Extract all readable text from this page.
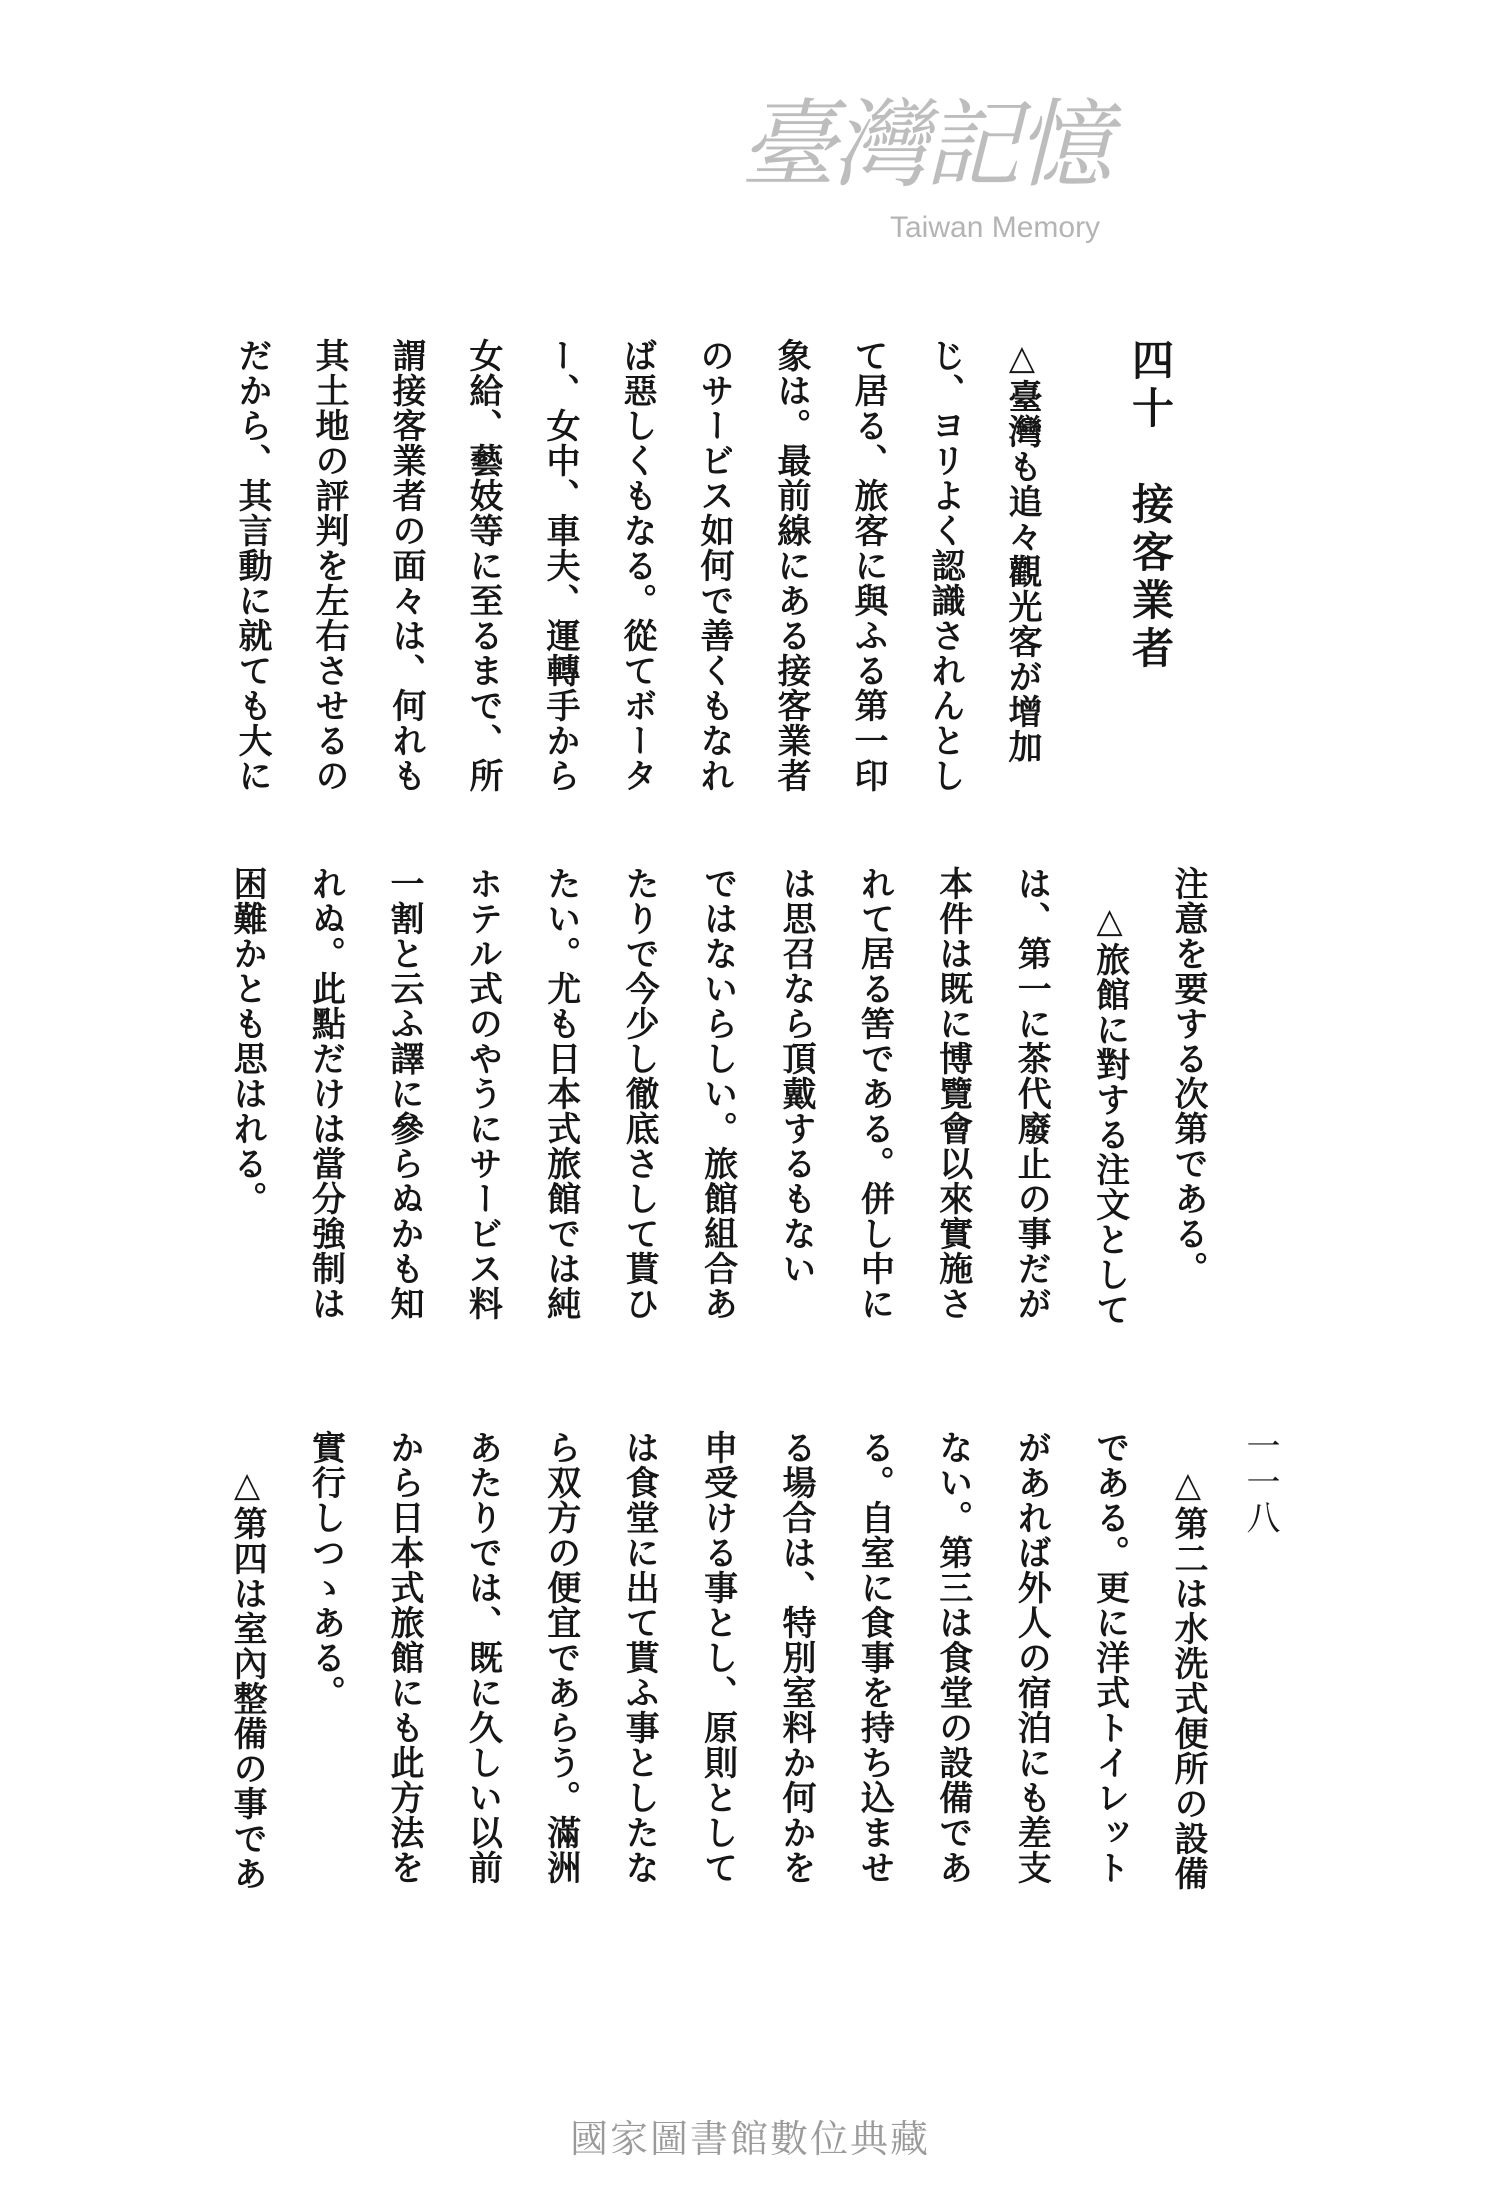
四十　接客業者
一一八
△臺灣も追々觀光客が增加
じ、ヨリよく認識されんとし
て居る、旅客に與ふる第一印
象は。最前線にある接客業者
のサービス如何で善くもなれ
ば惡しくもなる。從てボータ
ー、女中、車夫、運轉手から
女給、藝妓等に至るまで、所
謂接客業者の面々は、何れも
其土地の評判を左右させるの
だから、其言動に就ても大に
注意を要する次第である。
　△旅館に對する注文として
は、第一に茶代廢止の事だが
本件は既に博覽會以來實施さ
れて居る筈である。併し中に
は思召なら頂戴するもない
ではないらしい。旅館組合あ
たりで今少し徹底さして貰ひ
たい。尤も日本式旅館では純
ホテル式のやうにサービス料
一割と云ふ譯に參らぬかも知
れぬ。此點だけは當分強制は
困難かとも思はれる。
　△第二は水洗式便所の設備
である。更に洋式トイレット
があれば外人の宿泊にも差支
ない。第三は食堂の設備であ
る。自室に食事を持ち込ませ
る場合は、特別室料か何かを
申受ける事とし、原則として
は食堂に出て貰ふ事としたな
ら双方の便宜であらう。滿洲
あたりでは、既に久しい以前
から日本式旅館にも此方法を
實行しつゝある。
　△第四は室內整備の事であ
臺灣記憶
Taiwan Memory
國家圖書館數位典藏
